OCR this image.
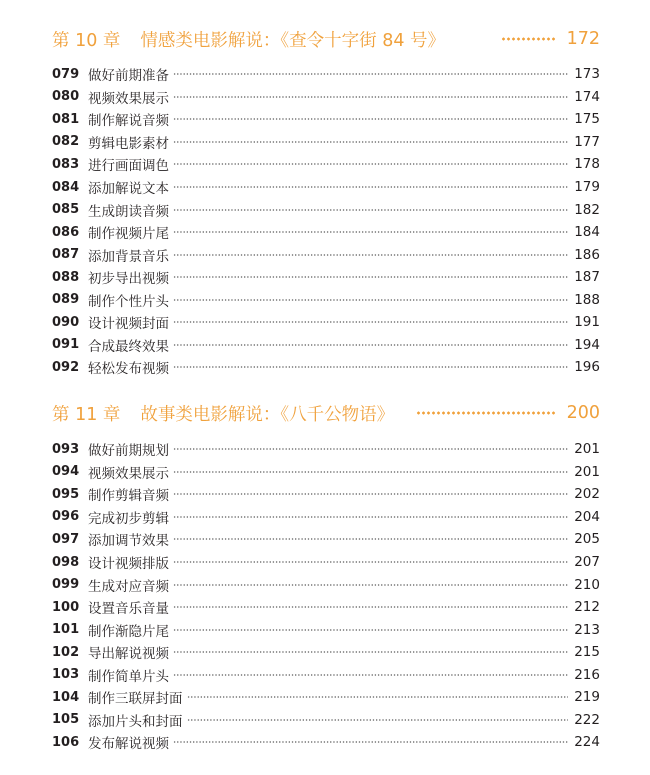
第 10 章 情感类电影解说：《查令十字街 84 号》	172
079 做好前期准备	173
080 视频效果展示	174
081 制作解说音频	175
082 剪辑电影素材	177
083 进行画面调色	178
084 添加解说文本	179
085 生成朗读音频	182
086 制作视频片尾	184
087 添加背景音乐	186
088 初步导出视频	187
089 制作个性片头	188
090 设计视频封面	191
091 合成最终效果	194
092 轻松发布视频	196
第 11 章 故事类电影解说：《八千公物语》	200
093 做好前期规划	201
094 视频效果展示	201
095 制作剪辑音频	202
096 完成初步剪辑	204
097 添加调节效果	205
098 设计视频排版	207
099 生成对应音频	210
100 设置音乐音量	212
101 制作渐隐片尾	213
102 导出解说视频	215
103 制作简单片头	216
104 制作三联屏封面	219
105 添加片头和封面	222
106 发布解说视频	224
